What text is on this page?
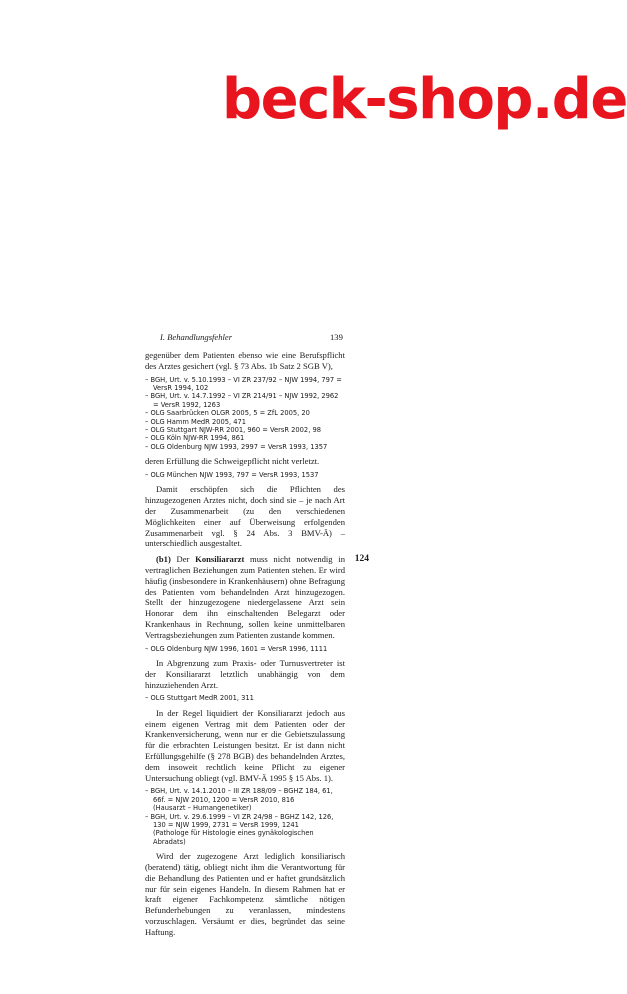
beck-shop.de
I. Behandlungsfehler	139

gegenüber dem Patienten ebenso wie eine Berufspflicht des Arztes gesichert (vgl. § 73 Abs. 1b Satz 2 SGB V),

– BGH, Urt. v. 5.10.1993 – VI ZR 237/92 – NJW 1994, 797 = VersR 1994, 102
– BGH, Urt. v. 14.7.1992 – VI ZR 214/91 – NJW 1992, 2962 = VersR 1992, 1263
– OLG Saarbrücken OLGR 2005, 5 = ZfL 2005, 20
– OLG Hamm MedR 2005, 471
– OLG Stuttgart NJW-RR 2001, 960 = VersR 2002, 98
– OLG Köln NJW-RR 1994, 861
– OLG Oldenburg NJW 1993, 2997 = VersR 1993, 1357

deren Erfüllung die Schweigepflicht nicht verletzt.

– OLG München NJW 1993, 797 = VersR 1993, 1537

Damit erschöpfen sich die Pflichten des hinzugezogenen Arztes nicht, doch sind sie – je nach Art der Zusammenarbeit (zu den verschiedenen Möglichkeiten einer auf Überweisung erfolgenden Zusammenarbeit vgl. § 24 Abs. 3 BMV-Ä) – unterschiedlich ausgestaltet.

124
(b1) Der Konsiliararzt muss nicht notwendig in vertraglichen Beziehungen zum Patienten stehen. Er wird häufig (insbesondere in Krankenhäusern) ohne Befragung des Patienten vom behandelnden Arzt hinzugezogen. Stellt der hinzugezogene niedergelassene Arzt sein Honorar dem ihn einschaltenden Belegarzt oder Krankenhaus in Rechnung, sollen keine unmittelbaren Vertragsbeziehungen zum Patienten zustande kommen.

– OLG Oldenburg NJW 1996, 1601 = VersR 1996, 1111

In Abgrenzung zum Praxis- oder Turnusvertreter ist der Konsiliararzt letztlich unabhängig von dem hinzuziehenden Arzt.

– OLG Stuttgart MedR 2001, 311

In der Regel liquidiert der Konsiliararzt jedoch aus einem eigenen Vertrag mit dem Patienten oder der Krankenversicherung, wenn nur er die Gebietszulassung für die erbrachten Leistungen besitzt. Er ist dann nicht Erfüllungsgehilfe (§ 278 BGB) des behandelnden Arztes, dem insoweit rechtlich keine Pflicht zu eigener Untersuchung obliegt (vgl. BMV-Ä 1995 § 15 Abs. 1).

– BGH, Urt. v. 14.1.2010 – III ZR 188/09 – BGHZ 184, 61, 66f. = NJW 2010, 1200 = VersR 2010, 816
(Hausarzt – Humangenetiker)
– BGH, Urt. v. 29.6.1999 – VI ZR 24/98 – BGHZ 142, 126, 130 = NJW 1999, 2731 = VersR 1999, 1241
(Pathologe für Histologie eines gynäkologischen Abradats)

Wird der zugezogene Arzt lediglich konsiliarisch (beratend) tätig, obliegt nicht ihm die Verantwortung für die Behandlung des Patienten und er haftet grundsätzlich nur für sein eigenes Handeln. In diesem Rahmen hat er kraft eigener Fachkompetenz sämtliche nötigen Befunderhebungen zu veranlassen, mindestens vorzuschlagen. Versäumt er dies, begründet das seine Haftung.
